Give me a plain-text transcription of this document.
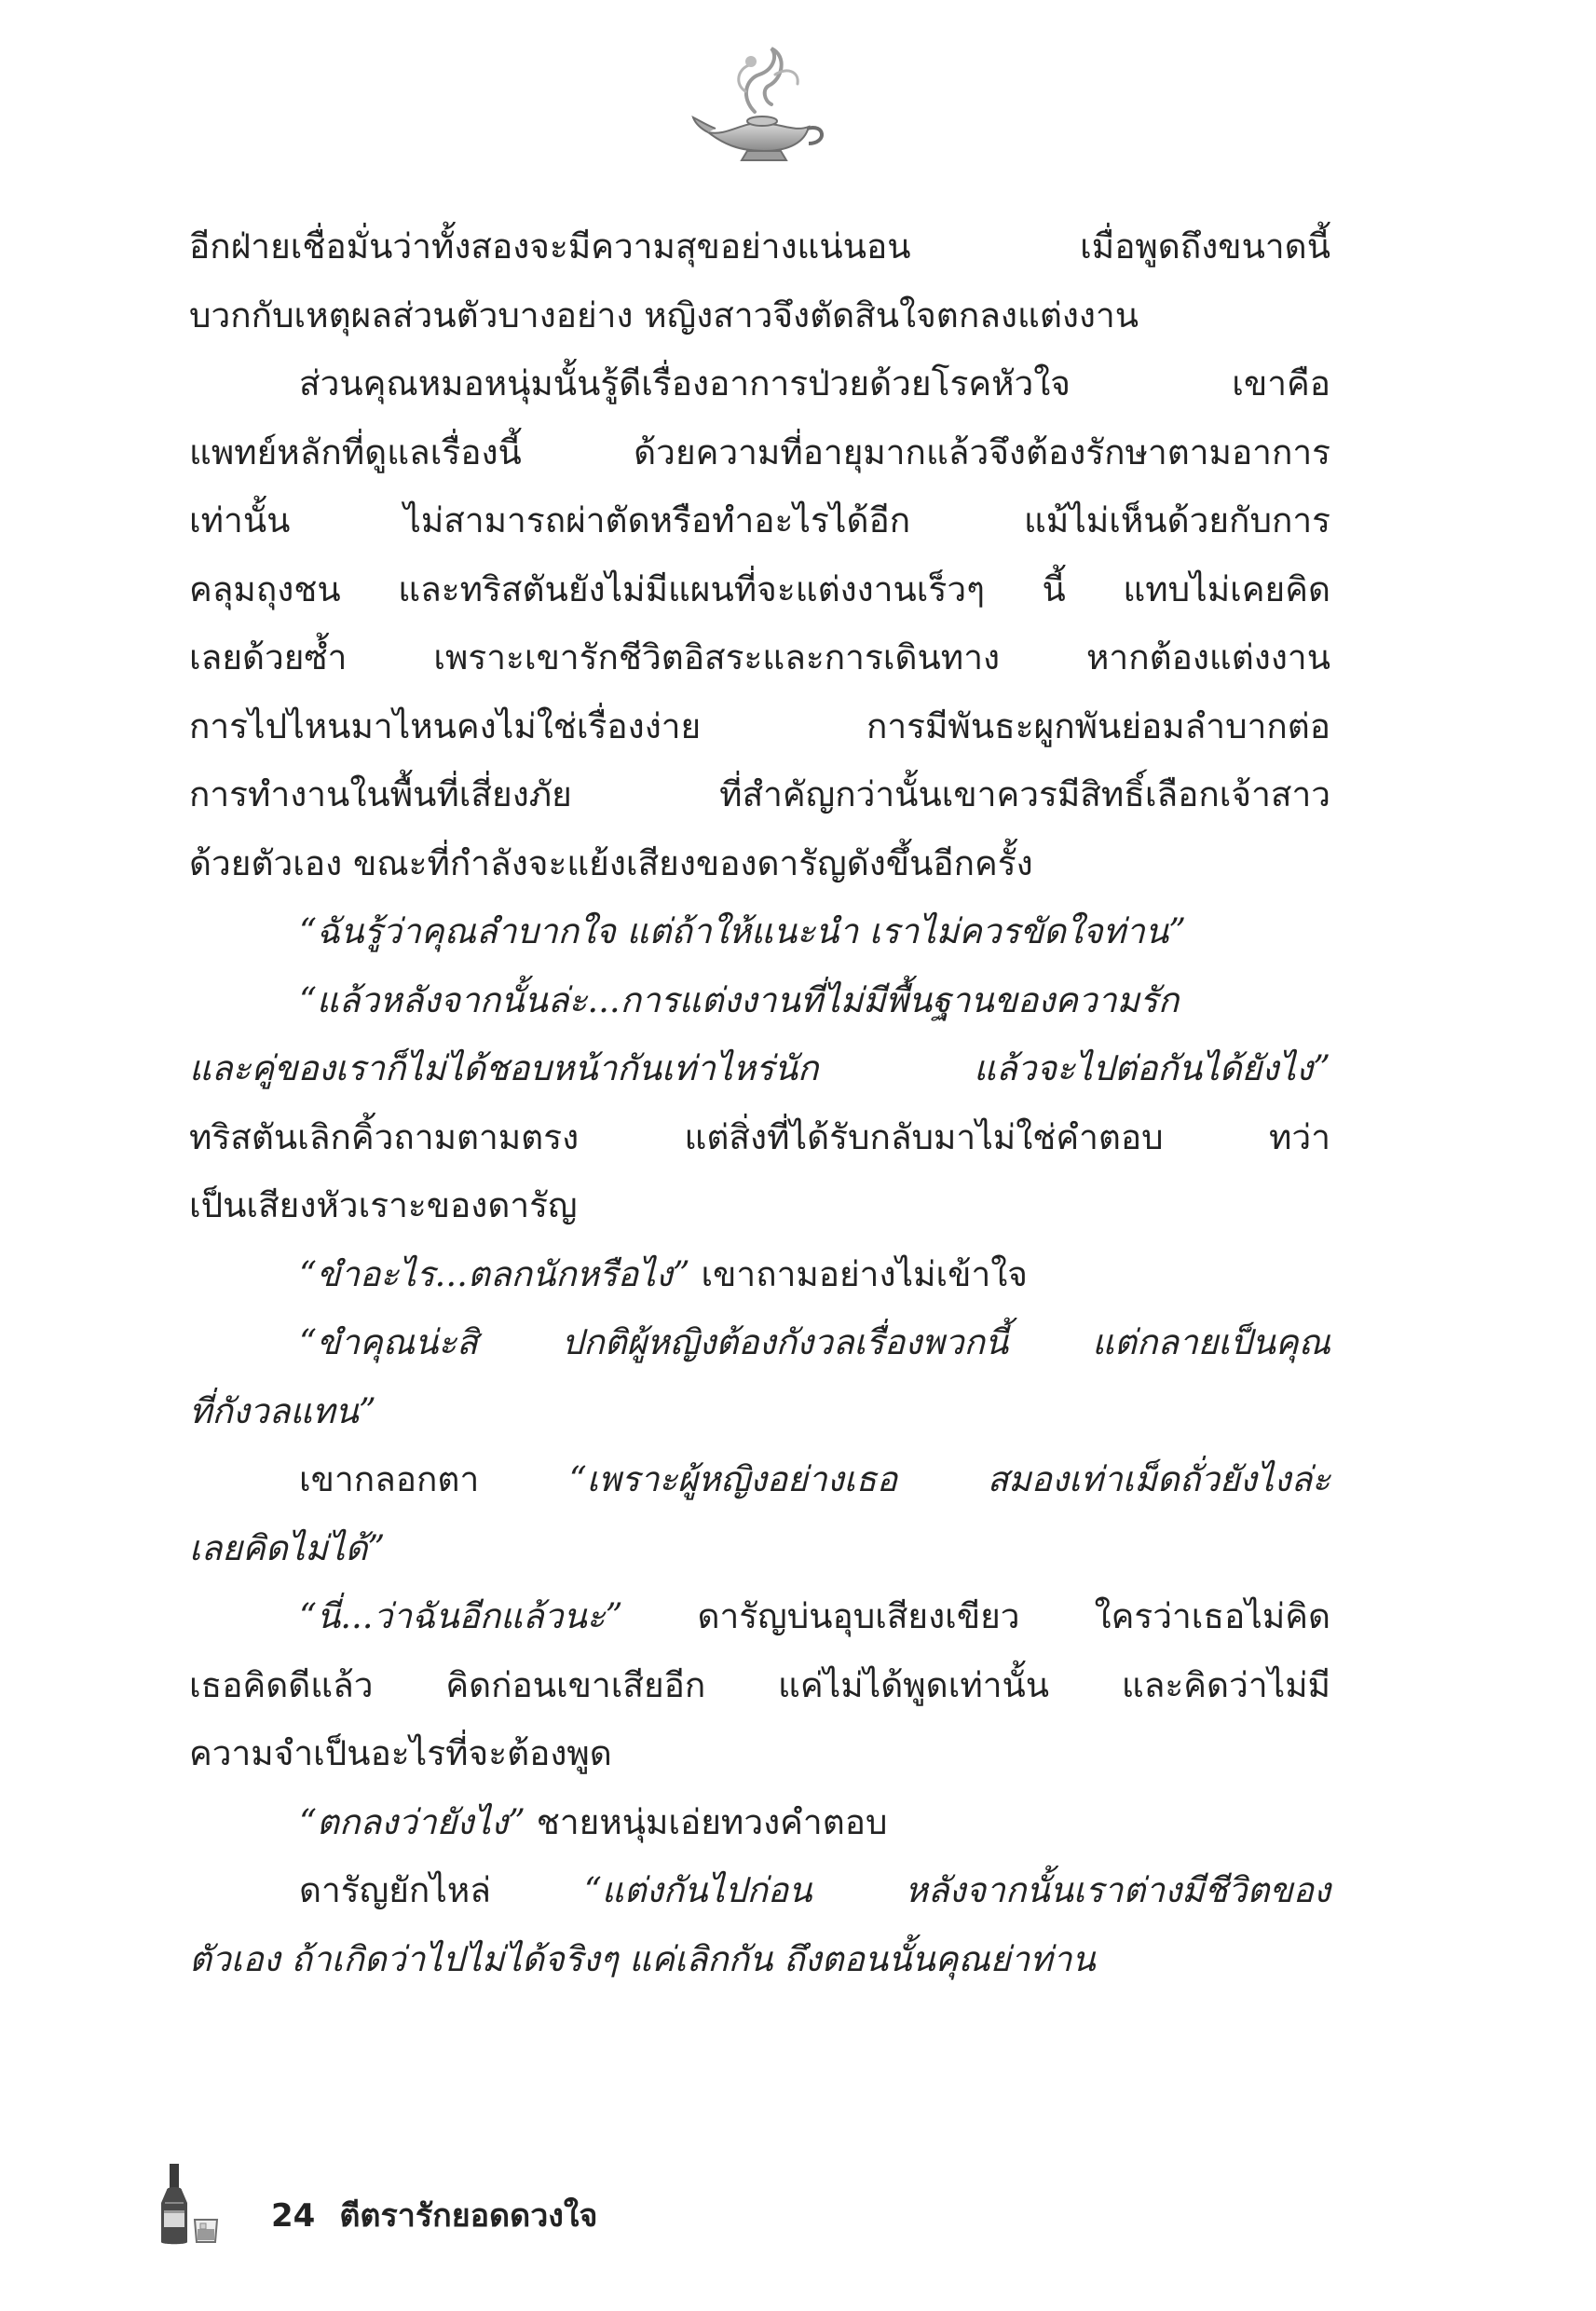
อีกฝ่ายเชื่อมั่นว่าทั้งสองจะมีความสุขอย่างแน่นอน เมื่อพูดถึงขนาดนี้
บวกกับเหตุผลส่วนตัวบางอย่าง หญิงสาวจึงตัดสินใจตกลงแต่งงาน
ส่วนคุณหมอหนุ่มนั้นรู้ดีเรื่องอาการป่วยด้วยโรคหัวใจ เขาคือ
แพทย์หลักที่ดูแลเรื่องนี้ ด้วยความที่อายุมากแล้วจึงต้องรักษาตามอาการ
เท่านั้น ไม่สามารถผ่าตัดหรือทำอะไรได้อีก แม้ไม่เห็นด้วยกับการ
คลุมถุงชน และทริสตันยังไม่มีแผนที่จะแต่งงานเร็วๆ นี้ แทบไม่เคยคิด
เลยด้วยซ้ำ เพราะเขารักชีวิตอิสระและการเดินทาง หากต้องแต่งงาน
การไปไหนมาไหนคงไม่ใช่เรื่องง่าย การมีพันธะผูกพันย่อมลำบากต่อ
การทำงานในพื้นที่เสี่ยงภัย ที่สำคัญกว่านั้นเขาควรมีสิทธิ์เลือกเจ้าสาว
ด้วยตัวเอง ขณะที่กำลังจะแย้งเสียงของดารัญดังขึ้นอีกครั้ง
“ฉันรู้ว่าคุณลำบากใจ แต่ถ้าให้แนะนำ เราไม่ควรขัดใจท่าน”
“แล้วหลังจากนั้นล่ะ...การแต่งงานที่ไม่มีพื้นฐานของความรัก
และคู่ของเราก็ไม่ได้ชอบหน้ากันเท่าไหร่นัก แล้วจะไปต่อกันได้ยังไง”
ทริสตันเลิกคิ้วถามตามตรง แต่สิ่งที่ได้รับกลับมาไม่ใช่คำตอบ ทว่า
เป็นเสียงหัวเราะของดารัญ
“ขำอะไร...ตลกนักหรือไง” เขาถามอย่างไม่เข้าใจ
“ขำคุณน่ะสิ ปกติผู้หญิงต้องกังวลเรื่องพวกนี้ แต่กลายเป็นคุณ
ที่กังวลแทน”
เขากลอกตา “เพราะผู้หญิงอย่างเธอ สมองเท่าเม็ดถั่วยังไงล่ะ
เลยคิดไม่ได้”
“นี่...ว่าฉันอีกแล้วนะ” ดารัญบ่นอุบเสียงเขียว ใครว่าเธอไม่คิด
เธอคิดดีแล้ว คิดก่อนเขาเสียอีก แค่ไม่ได้พูดเท่านั้น และคิดว่าไม่มี
ความจำเป็นอะไรที่จะต้องพูด
“ตกลงว่ายังไง” ชายหนุ่มเอ่ยทวงคำตอบ
ดารัญยักไหล่ “แต่งกันไปก่อน หลังจากนั้นเราต่างมีชีวิตของ
ตัวเอง ถ้าเกิดว่าไปไม่ได้จริงๆ แค่เลิกกัน ถึงตอนนั้นคุณย่าท่าน
24 ตีตรารักยอดดวงใจ
